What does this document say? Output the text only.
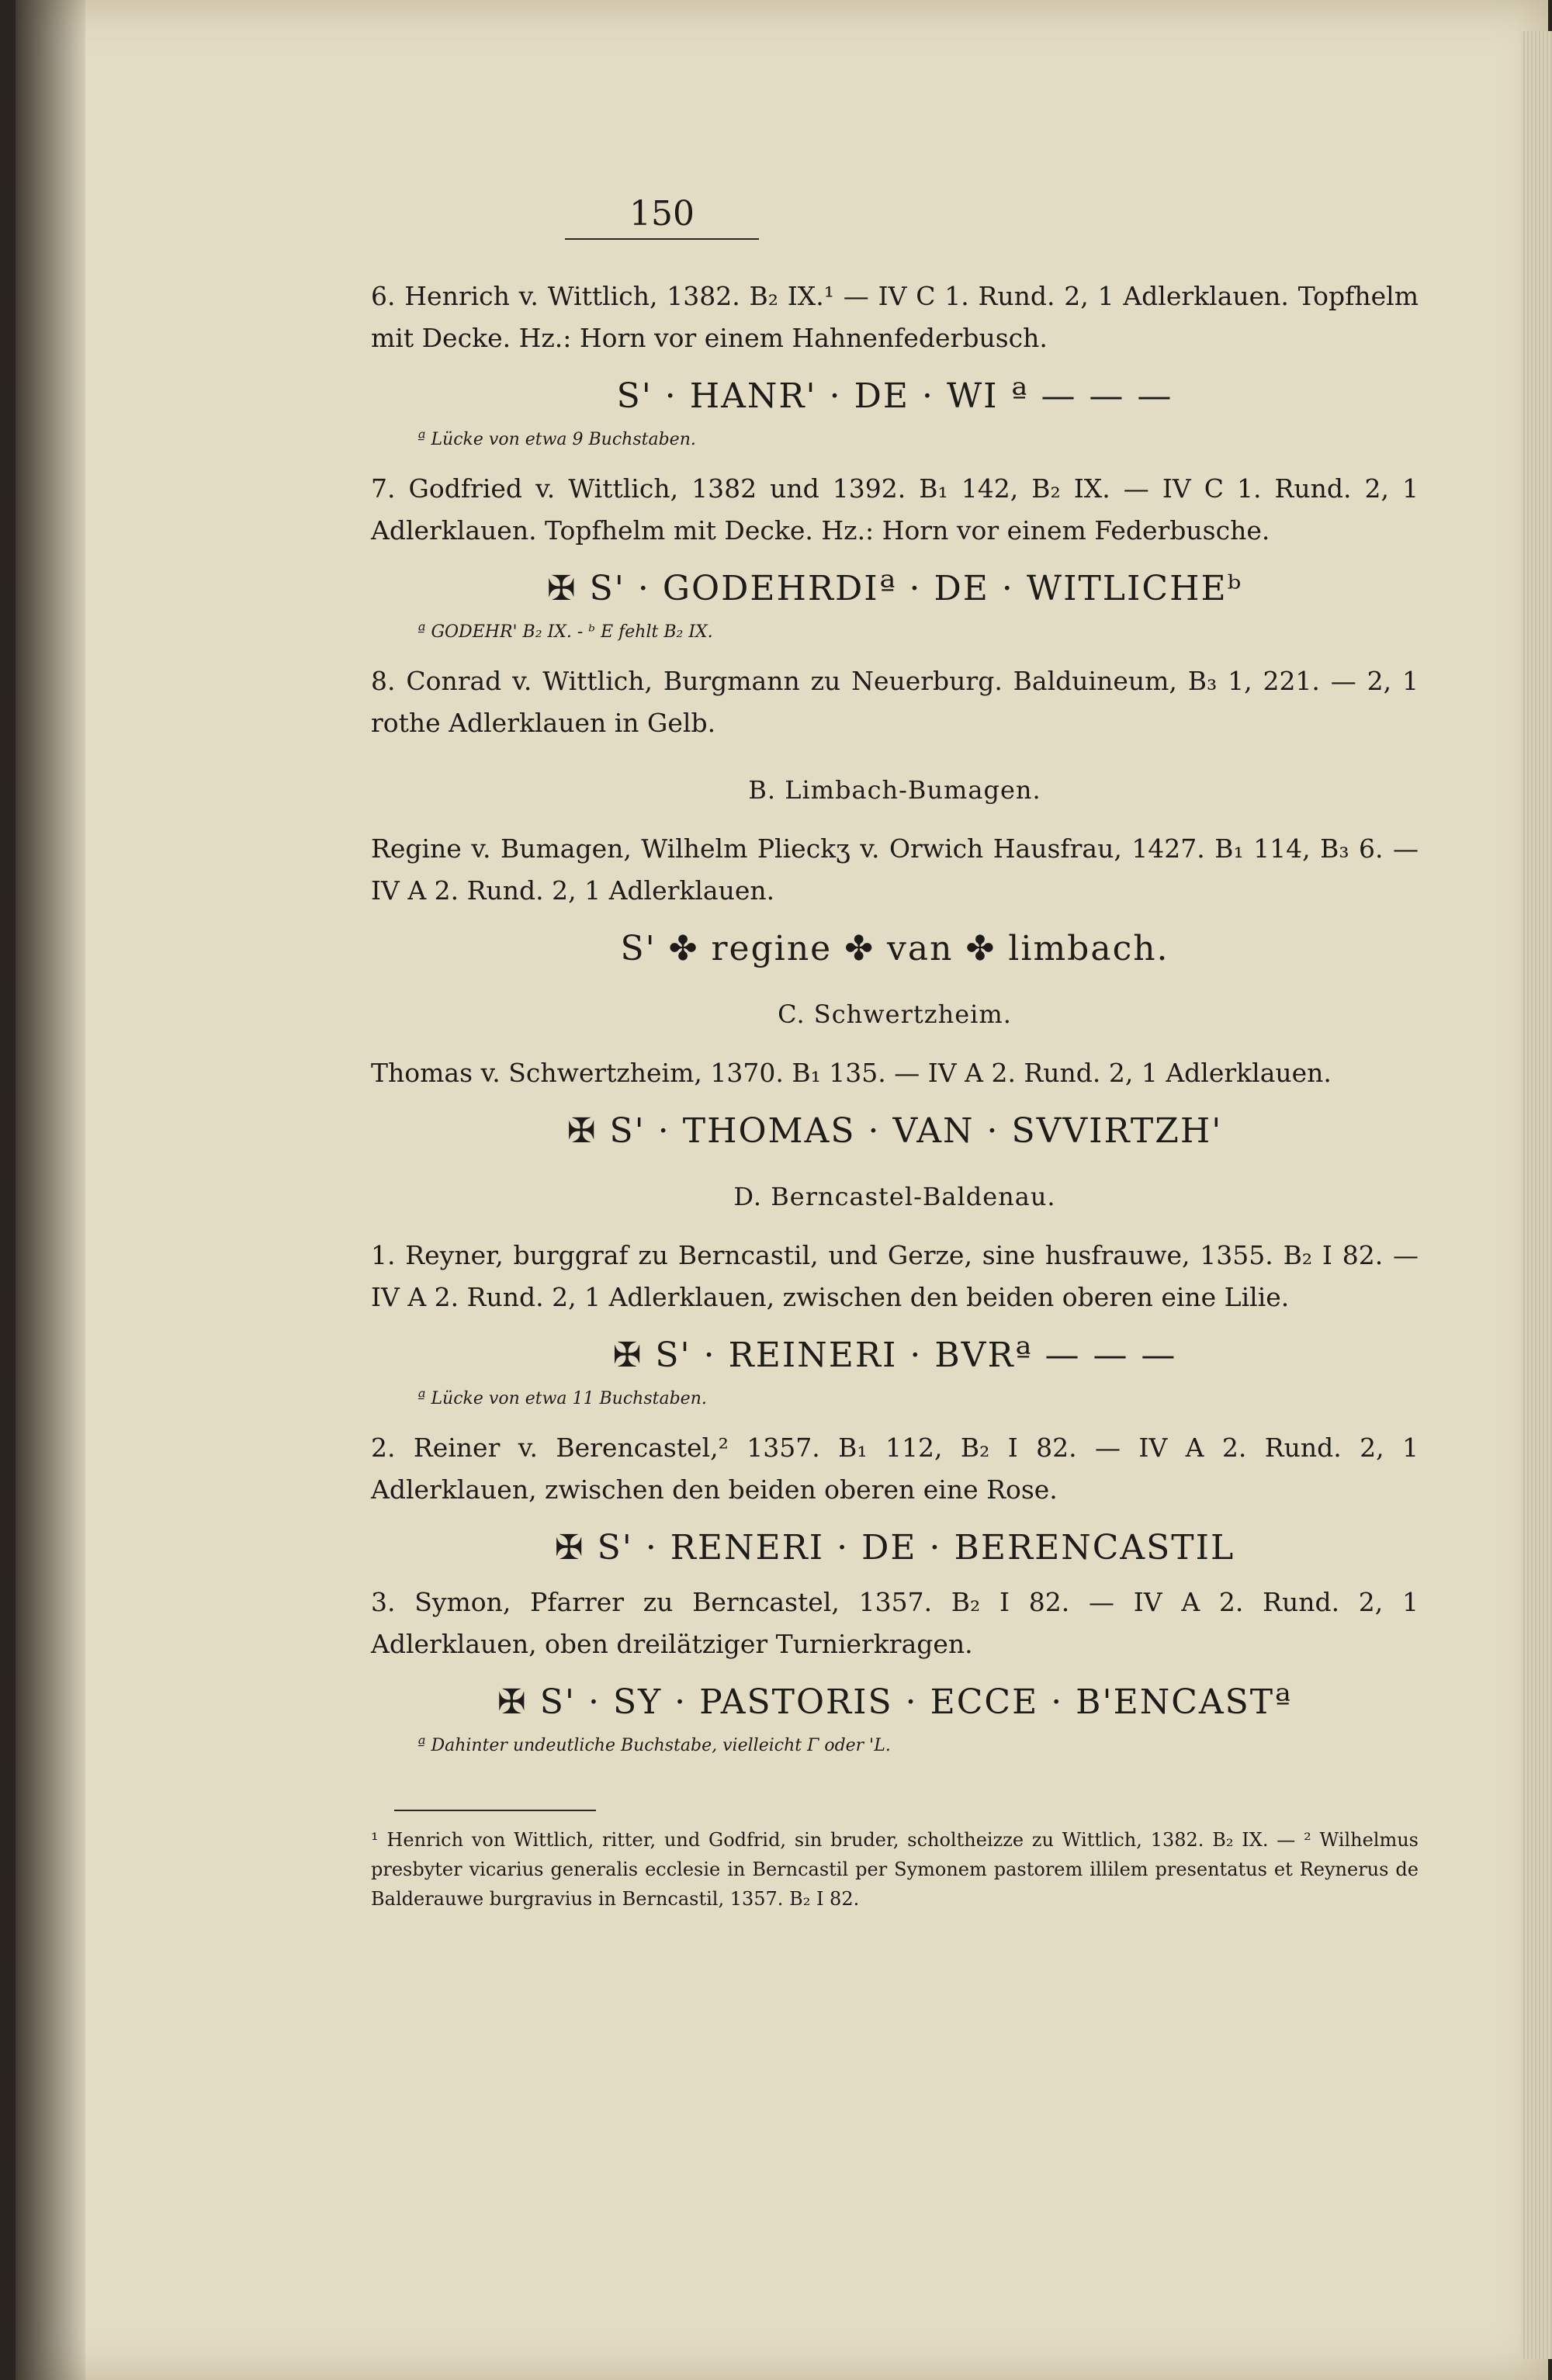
150

6. Henrich v. Wittlich, 1382. B₂ IX.¹ — IV C 1. Rund. 2, 1 Adlerklauen. Topfhelm mit Decke. Hz.: Horn vor einem Hahnenfederbusch.

S' · HANR' · DE · WI ª — — —
ª Lücke von etwa 9 Buchstaben.

7. Godfried v. Wittlich, 1382 und 1392. B₁ 142, B₂ IX. — IV C 1. Rund. 2, 1 Adlerklauen. Topfhelm mit Decke. Hz.: Horn vor einem Federbusche.

✠ S' · GODEHRDIª · DE · WITLICHEᵇ
ª GODEHR' B₂ IX. - ᵇ E fehlt B₂ IX.

8. Conrad v. Wittlich, Burgmann zu Neuerburg. Balduineum, B₃ 1, 221. — 2, 1 rothe Adlerklauen in Gelb.

B. Limbach-Bumagen.

Regine v. Bumagen, Wilhelm Plieckʒ v. Orwich Hausfrau, 1427. B₁ 114, B₃ 6. — IV A 2. Rund. 2, 1 Adlerklauen.

S' ✤ regine ✤ van ✤ limbach.
C. Schwertzheim.

Thomas v. Schwertzheim, 1370. B₁ 135. — IV A 2. Rund. 2, 1 Adlerklauen.

✠ S' · THOMAS · VAN · SVVIRTZH'
D. Berncastel-Baldenau.

1. Reyner, burggraf zu Berncastil, und Gerze, sine husfrauwe, 1355. B₂ I 82. — IV A 2. Rund. 2, 1 Adlerklauen, zwischen den beiden oberen eine Lilie.

✠ S' · REINERI · BVRª — — —
ª Lücke von etwa 11 Buchstaben.

2. Reiner v. Berencastel,² 1357. B₁ 112, B₂ I 82. — IV A 2. Rund. 2, 1 Adlerklauen, zwischen den beiden oberen eine Rose.

✠ S' · RENERI · DE · BERENCASTIL

3. Symon, Pfarrer zu Berncastel, 1357. B₂ I 82. — IV A 2. Rund. 2, 1 Adlerklauen, oben dreilätziger Turnierkragen.

✠ S' · SY · PASTORIS · ECCE · B'ENCASTª
ª Dahinter undeutliche Buchstabe, vielleicht Γ oder 'L.
¹ Henrich von Wittlich, ritter, und Godfrid, sin bruder, scholtheizze zu Wittlich, 1382. B₂ IX. — ² Wilhelmus presbyter vicarius generalis ecclesie in Berncastil per Symonem pastorem illilem presentatus et Reynerus de Balderauwe burgravius in Berncastil, 1357. B₂ I 82.
